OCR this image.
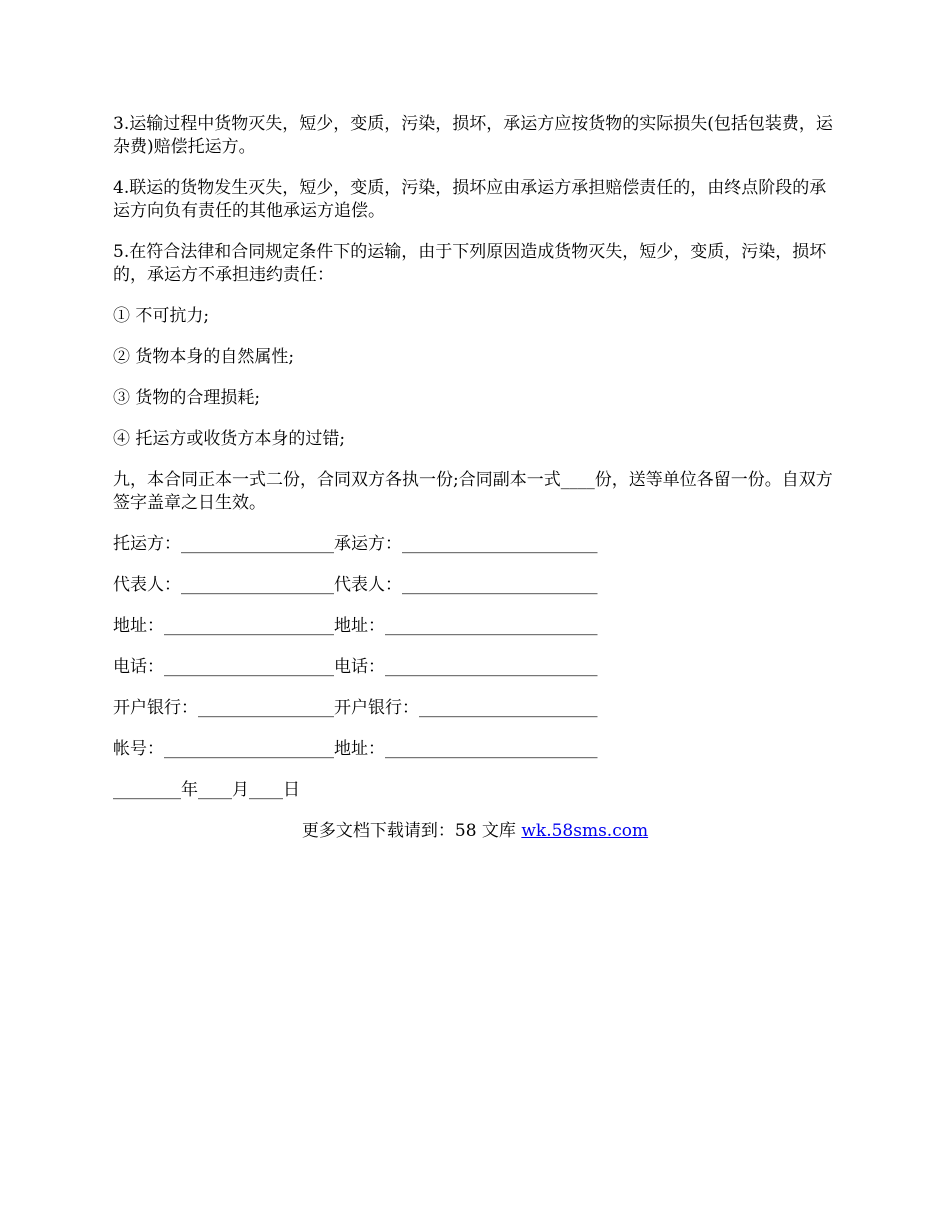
3.运输过程中货物灭失，短少，变质，污染，损坏，承运方应按货物的实际损失(包括包装费，运杂费)赔偿托运方。

4.联运的货物发生灭失，短少，变质，污染，损坏应由承运方承担赔偿责任的，由终点阶段的承运方向负有责任的其他承运方追偿。

5.在符合法律和合同规定条件下的运输，由于下列原因造成货物灭失，短少，变质，污染，损坏的，承运方不承担违约责任：

① 不可抗力;

② 货物本身的自然属性;

③ 货物的合理损耗;

④ 托运方或收货方本身的过错;

九，本合同正本一式二份，合同双方各执一份;合同副本一式____份，送等单位各留一份。自双方签字盖章之日生效。

托运方：__________________承运方：_______________________
代表人：__________________代表人：_______________________
地址：____________________地址：_________________________
电话：____________________电话：_________________________
开户银行：________________开户银行：_____________________
帐号：____________________地址：_________________________
________年____月____日
更多文档下载请到：58 文库 wk.58sms.com
